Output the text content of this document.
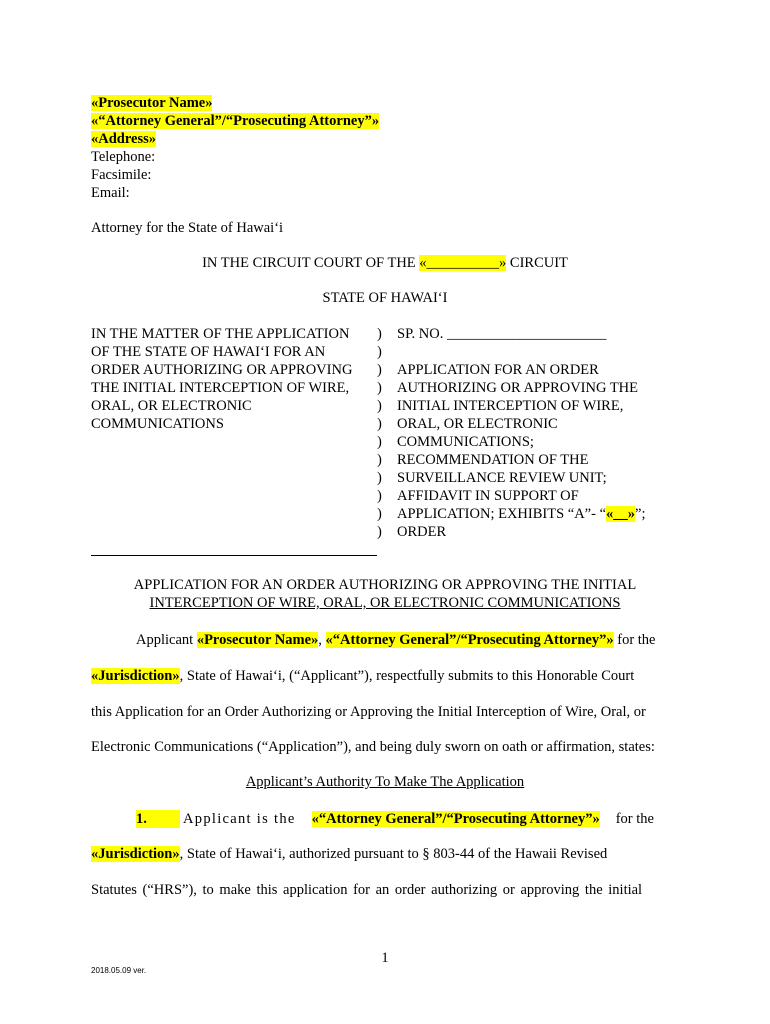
«Prosecutor Name»
«“Attorney General”/“Prosecuting Attorney”»
«Address»
Telephone:
Facsimile:
Email:
Attorney for the State of Hawai‘i
IN THE CIRCUIT COURT OF THE «__________» CIRCUIT
STATE OF HAWAI‘I
IN THE MATTER OF THE APPLICATION
OF THE STATE OF HAWAI‘I FOR AN
ORDER AUTHORIZING OR APPROVING
THE INITIAL INTERCEPTION OF WIRE,
ORAL, OR ELECTRONIC
COMMUNICATIONS
)
)
)
)
)
)
)
)
)
)
)
)
SP. NO. ______________________

APPLICATION FOR AN ORDER
AUTHORIZING OR APPROVING THE
INITIAL INTERCEPTION OF WIRE,
ORAL, OR ELECTRONIC
COMMUNICATIONS;
RECOMMENDATION OF THE
SURVEILLANCE REVIEW UNIT;
AFFIDAVIT IN SUPPORT OF
APPLICATION; EXHIBITS “A”- “«__»”;
ORDER
APPLICATION FOR AN ORDER AUTHORIZING OR APPROVING THE INITIAL
INTERCEPTION OF WIRE, ORAL, OR ELECTRONIC COMMUNICATIONS
Applicant «Prosecutor Name», «“Attorney General”/“Prosecuting Attorney”» for the
«Jurisdiction», State of Hawai‘i, (“Applicant”), respectfully submits to this Honorable Court
this Application for an Order Authorizing or Approving the Initial Interception of Wire, Oral, or
Electronic Communications (“Application”), and being duly sworn on oath or affirmation, states:
Applicant’s Authority To Make The Application
1. Applicant is the «“Attorney General”/“Prosecuting Attorney”» for the
«Jurisdiction», State of Hawai‘i, authorized pursuant to § 803-44 of the Hawaii Revised
Statutes (“HRS”), to make this application for an order authorizing or approving the initial
1
2018.05.09 ver.
